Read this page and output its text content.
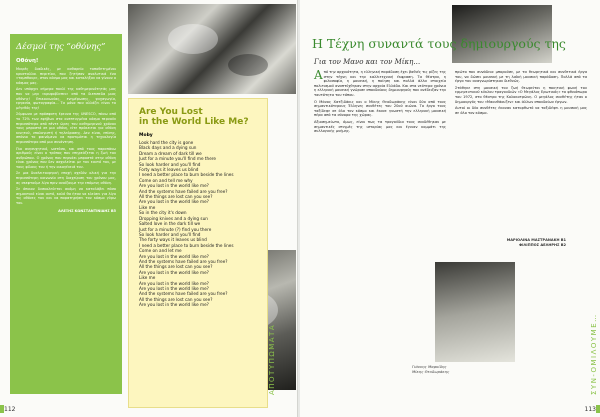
Δέσμοί της “οθόνης”
Οθόνη!

Μικρές διαδικές, με καθαρείο τοποθετημένοι κρυσταλλοι περιτίου, που ζητήσαν αναλυτικά ένα «ταμπθουρ», στον κόσμο μας και καταλήξαν να γίνουν ο κόσμος μας.

Δεν υπάρχει σήμερα πουλί της καθημερινότητάς μας που να μην «κρυφοβλεπει» από τα διεπιπεδα μιας οθόνης! Επικοινωνίας, ενημέρωσης, ψυχαγωγία, εργασία, φωτογραφία… Τα μόνα που αλλάζει είναι το μέγεθός της!

Σύμφωνα με πρόσφατη έρευνα της UNESCO, πάνω από το 72% των εφήβων στα ανεπτυγμένα κόσμο περνούν περισσότερο από πέντε ώρες του καθημερινού χρόνου τους μπροστά σε μια οθόνη, είτε πρόκειται για οθόνη κινητού, υπολογιστή ή τηλεόρασης. Δεν είναι, επίσης, σπάνιο το φαινόμενο να προτιμάται η τεχνολογία περισσότερο από μια συνάντηση.

Πιο ανησυχητικό, ωστόσο, και από τους παραπάνω αριθμούς είναι ο τρόπος που επηρεάζεται η ζωή του ανθρώπου. Ο χρόνος που περνάει μπροστά στην οθόνη είναι χρόνος που δεν ασχολείται με τον εαυτό του, με τους φίλους του ή την οικογένειά του.

Σε μια δυσλειτουργική εποχή σχεδόν ολική για την περισσότερη κοινωνία στη διαχείριση του χρόνου μας, ας σκεφτούμε λίγο πριν ανοίξουμε την επόμενη οθόνη.

Σε όποιον δυσκολεύεται ακόμη να καταλάβει πόσο σημαντικό είναι αυτό, καλό θα ήταν να κλείσει για λίγο τις οθόνες του και να παρατηρήσει τον κόσμο γύρω του.

ΑΛΕΞΗΣ ΚΩΝΣΤΑΝΤΙΝΙΔΗΣ Β5
Are You Lost
in the World Like Me?
Moby
Look hard the city is gone
Black days and a dying sun
Dream a dream of dark till we
Just for a minute you'll find me there
So look harder and you'll find
Forty ways it leaves us blind
I need a better place to burn beside the lines
Come on and tell me why
Are you lost in the world like me?
And the systems have failed are you free?
All the things are lost can you see?
Are you lost in the world like me?
Like me
So in the city it's down
Dropping knives and a dying sun
Salted love in the dark till we
Just for a minute (?) find you there
So look harder and you'll find
The forty ways it leaves us blind
I need a better place to burn beside the lines
Come on and let me
Are you lost in the world like me?
And the systems have failed are you free?
All the things are lost can you see?
Are you lost in the world like me?
Like me
Are you lost in the world like me?
Are you lost in the world like me?
And the systems have failed are you free?
All the things are lost can you see?
Are you lost in the world like me?
ΑΠΟΤΥΠΩΜΑΤΑ
112
Η Τέχνη συναντά τους δημιουργούς της
Για τον Μανο και τον Μίκη…

Από την αρχαιότητα, η ελληνική παράδοση έχει βαθιές τις ρίζες της στην τέχνη και την καλλιτεχνική έκφραση. Τα θέατρα, η φιλοσοφία, η μουσική, η ποίηση και πολλά άλλα στοιχεία πολιτισμού αναπτύχθηκαν στην αρχαία Ελλάδα. Και στα νεότερα χρόνια η ελληνική μουσική γνώρισε σπουδαίους δημιουργούς που ανέδειξαν την ταυτότητα του τόπου.

Ο Μάνος Χατζιδάκις και ο Μίκης Θεοδωράκης είναι δύο από τους σημαντικότερους Έλληνες συνθέτες του 20ού αιώνα. Το έργο τους ταξίδεψε σε όλο τον κόσμο και έκανε γνωστή την ελληνική μουσική πέρα από τα σύνορα της χώρας.

Αξιοσημείωτο, όμως, είναι πως τα τραγούδια τους συνδέθηκαν με σημαντικές στιγμές της ιστορίας μας και έγιναν κομμάτι της συλλογικής μνήμης.

πρώτο που συνάδεια μπορούσε, με τα θεωρητικά και συνθετικά έργα του, να δώσει μουσική με τη λαϊκή μουσική παράδοση. Πολλά από τα έργα του αναγνωρίστηκαν διεθνώς.

Στάθηκε στη μουσική του ζωή θεωρείται η ποιητική φωνή του ερμηνευτικού κύκλου τραγουδιών «Ο Μεγάλος Ερωτικός» το φθινόπωρο του 1972, στο θέατρο της Κολοκοτρώνη. Ο μεγάλος συνθέτης ήταν ο δημιουργός του «Μαουθάουζεν» και άλλων σπουδαίων έργων.

Αυτοί οι δύο συνθέτες έκαναν κατορθωτό να ταξιδέψει η μουσική μας σε όλο τον κόσμο.

ΜΑΡΙΟΛΙΝΑ ΜΑΣΤΡΑΝΑΚΗ Β1
ΦΙΛΙΠΠΟΣ ΔΕΛΗΡΗΣ Β2
Γιάννης Μαρκίδης
Μίκης Θεοδωράκης	ΣΥΝ-ΟΜΙΛΟΥΜΕ…
113
